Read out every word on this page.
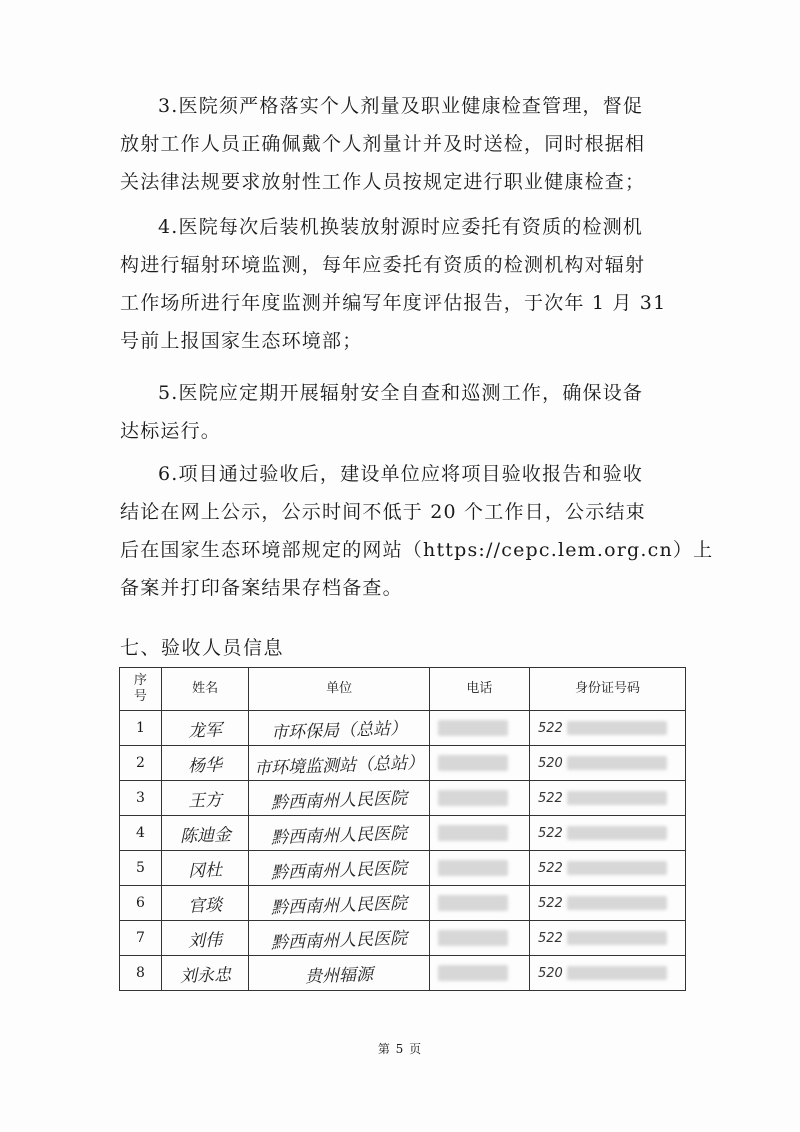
3.医院须严格落实个人剂量及职业健康检查管理，督促
放射工作人员正确佩戴个人剂量计并及时送检，同时根据相
关法律法规要求放射性工作人员按规定进行职业健康检查；
4.医院每次后装机换装放射源时应委托有资质的检测机
构进行辐射环境监测，每年应委托有资质的检测机构对辐射
工作场所进行年度监测并编写年度评估报告，于次年 1 月 31
号前上报国家生态环境部；
5.医院应定期开展辐射安全自查和巡测工作，确保设备
达标运行。
6.项目通过验收后，建设单位应将项目验收报告和验收
结论在网上公示，公示时间不低于 20 个工作日，公示结束
后在国家生态环境部规定的网站（https://cepc.lem.org.cn）上
备案并打印备案结果存档备查。
七、验收人员信息
序号	姓名	单位	电话	身份证号码
1	龙军	市环保局（总站）		522
2	杨华	市环境监测站（总站）		520
3	王方	黔西南州人民医院		522
4	陈迪金	黔西南州人民医院		522
5	冈杜	黔西南州人民医院		522
6	官琰	黔西南州人民医院		522
7	刘伟	黔西南州人民医院		522
8	刘永忠	贵州辐源		520
第 5 页
